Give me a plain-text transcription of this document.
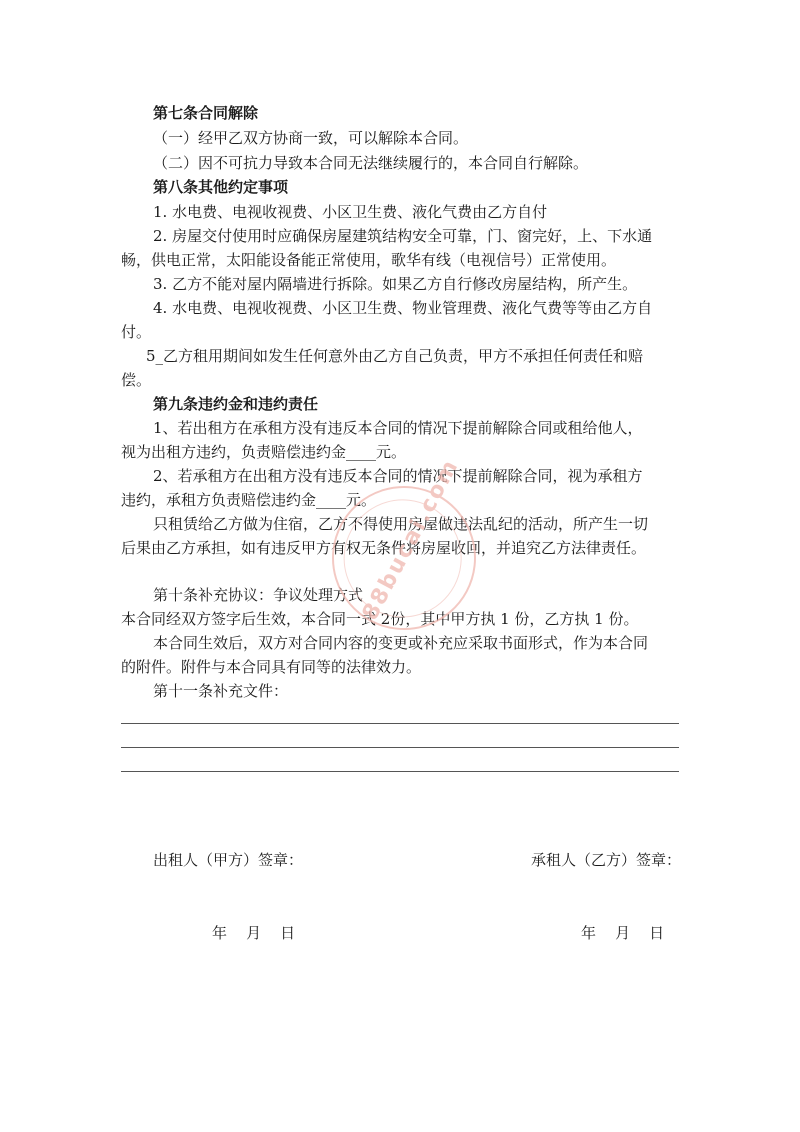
第七条合同解除
（一）经甲乙双方协商一致，可以解除本合同。
（二）因不可抗力导致本合同无法继续履行的，本合同自行解除。
第八条其他约定事项
1. 水电费、电视收视费、小区卫生费、液化气费由乙方自付
2. 房屋交付使用时应确保房屋建筑结构安全可靠，门、窗完好，上、下水通
畅，供电正常，太阳能设备能正常使用，歌华有线（电视信号）正常使用。
3. 乙方不能对屋内隔墙进行拆除。如果乙方自行修改房屋结构，所产生。
4. 水电费、电视收视费、小区卫生费、物业管理费、液化气费等等由乙方自
付。
5_乙方租用期间如发生任何意外由乙方自己负责，甲方不承担任何责任和赔
偿。
第九条违约金和违约责任
1、若出租方在承租方没有违反本合同的情况下提前解除合同或租给他人，
视为出租方违约，负责赔偿违约金____元。
2、若承租方在出租方没有违反本合同的情况下提前解除合同，视为承租方
违约，承租方负责赔偿违约金____元。
只租赁给乙方做为住宿，乙方不得使用房屋做违法乱纪的活动，所产生一切
后果由乙方承担，如有违反甲方有权无条件将房屋收回，并追究乙方法律责任。
第十条补充协议：争议处理方式
本合同经双方签字后生效，本合同一式 2份，其中甲方执 1 份，乙方执 1 份。
本合同生效后，双方对合同内容的变更或补充应采取书面形式，作为本合同
的附件。附件与本合同具有同等的法律效力。
第十一条补充文件：
出租人（甲方）签章：	承租人（乙方）签章：
年    月    日	年    月    日
88bucai.com
